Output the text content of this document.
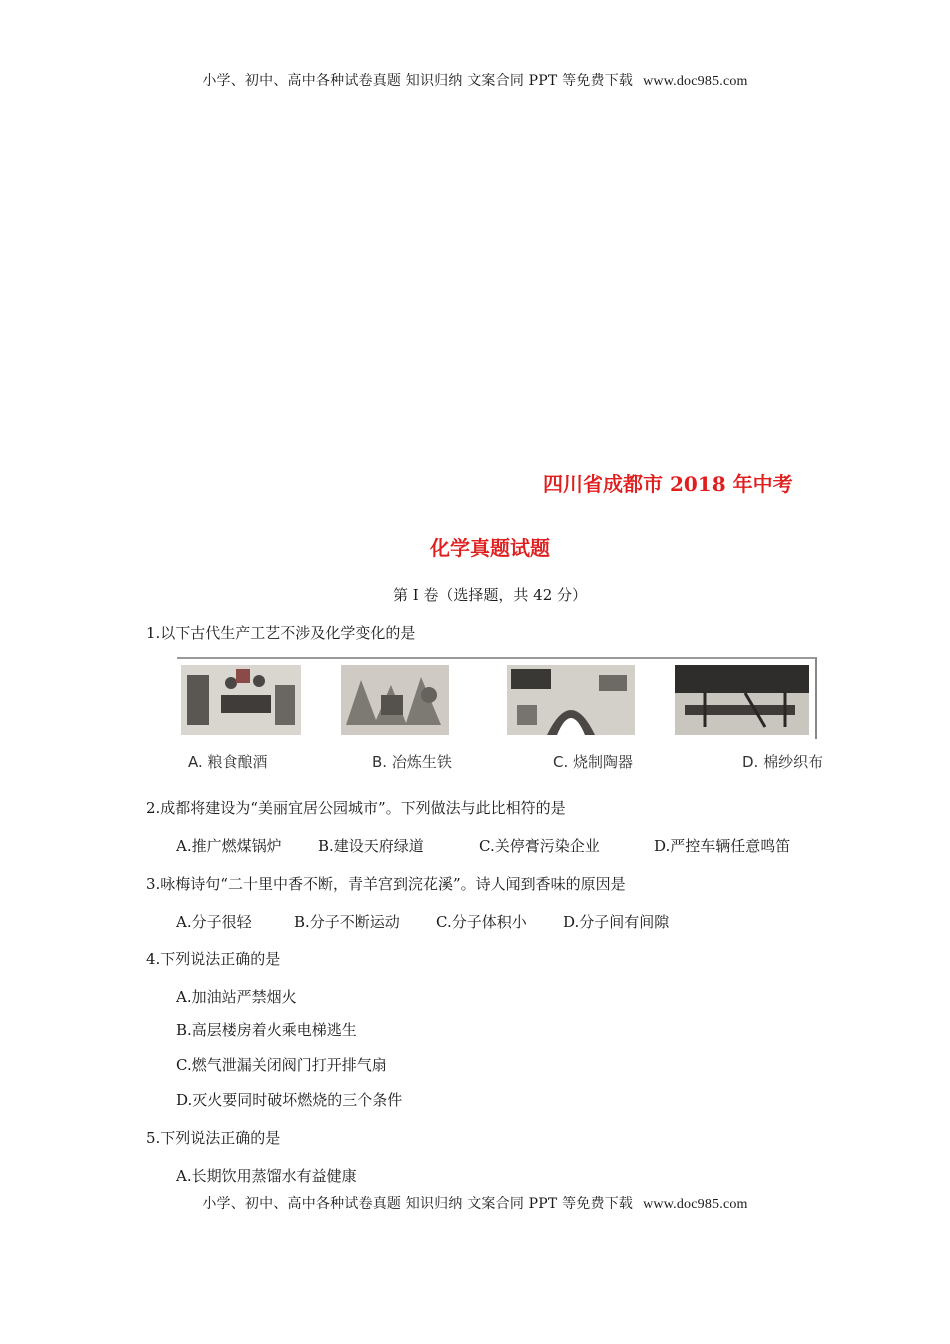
小学、初中、高中各种试卷真题 知识归纳 文案合同 PPT 等免费下载 www.doc985.com
四川省成都市 2018 年中考
化学真题试题
第 I 卷（选择题，共 42 分）
1.以下古代生产工艺不涉及化学变化的是
A. 粮食酿酒	B. 冶炼生铁	C. 烧制陶器	D. 棉纱织布
2.成都将建设为“美丽宜居公园城市”。下列做法与此比相符的是
A.推广燃煤锅炉 B.建设天府绿道	C.关停膏污染企业	D.严控车辆任意鸣笛
3.咏梅诗句“二十里中香不断，青羊宫到浣花溪”。诗人闻到香味的原因是
A.分子很轻	B.分子不断运动 C.分子体积小 D.分子间有间隙
4.下列说法正确的是
A.加油站严禁烟火
B.高层楼房着火乘电梯逃生
C.燃气泄漏关闭阀门打开排气扇
D.灭火要同时破坏燃烧的三个条件
5.下列说法正确的是
A.长期饮用蒸馏水有益健康
小学、初中、高中各种试卷真题 知识归纳 文案合同 PPT 等免费下载 www.doc985.com
